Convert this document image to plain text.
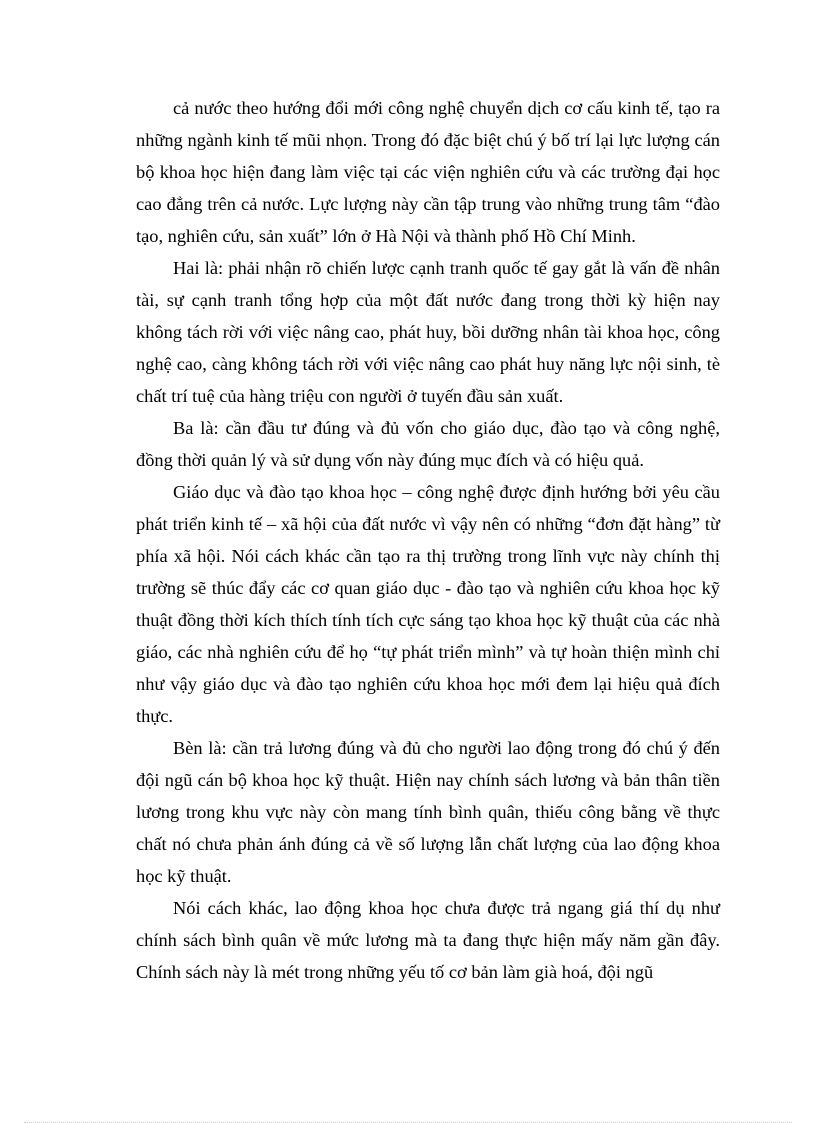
cả nước theo hướng đổi mới công nghệ chuyển dịch cơ cấu kinh tế, tạo ra những ngành kinh tế mũi nhọn. Trong đó đặc biệt chú ý bố trí lại lực lượng cán bộ khoa học hiện đang làm việc tại các viện nghiên cứu và các trường đại học cao đẳng trên cả nước. Lực lượng này cần tập trung vào những trung tâm “đào tạo, nghiên cứu, sản xuất” lớn ở Hà Nội và thành phố Hồ Chí Minh.

Hai là: phải nhận rõ chiến lược cạnh tranh quốc tế gay gắt là vấn đề nhân tài, sự cạnh tranh tổng hợp của một đất nước đang trong thời kỳ hiện nay không tách rời với việc nâng cao, phát huy, bồi dưỡng nhân tài khoa học, công nghệ cao, càng không tách rời với việc nâng cao phát huy năng lực nội sinh, tè chất trí tuệ của hàng triệu con người ở tuyến đầu sản xuất.

Ba là: cần đầu tư đúng và đủ vốn cho giáo dục, đào tạo và công nghệ, đồng thời quản lý và sử dụng vốn này đúng mục đích và có hiệu quả.

Giáo dục và đào tạo khoa học – công nghệ được định hướng bởi yêu cầu phát triển kinh tế – xã hội của đất nước vì vậy nên có những “đơn đặt hàng” từ phía xã hội. Nói cách khác cần tạo ra thị trường trong lĩnh vực này chính thị trường sẽ thúc đẩy các cơ quan giáo dục - đào tạo và nghiên cứu khoa học kỹ thuật đồng thời kích thích tính tích cực sáng tạo khoa học kỹ thuật của các nhà giáo, các nhà nghiên cứu để họ “tự phát triển mình” và tự hoàn thiện mình chỉ như vậy giáo dục và đào tạo nghiên cứu khoa học mới đem lại hiệu quả đích thực.

Bèn là: cần trả lương đúng và đủ cho người lao động trong đó chú ý đến đội ngũ cán bộ khoa học kỹ thuật. Hiện nay chính sách lương và bản thân tiền lương trong khu vực này còn mang tính bình quân, thiếu công bằng về thực chất nó chưa phản ánh đúng cả về số lượng lẫn chất lượng của lao động khoa học kỹ thuật.

Nói cách khác, lao động khoa học chưa được trả ngang giá thí dụ như chính sách bình quân về mức lương mà ta đang thực hiện mấy năm gần đây. Chính sách này là mét trong những yếu tố cơ bản làm già hoá, đội ngũ
